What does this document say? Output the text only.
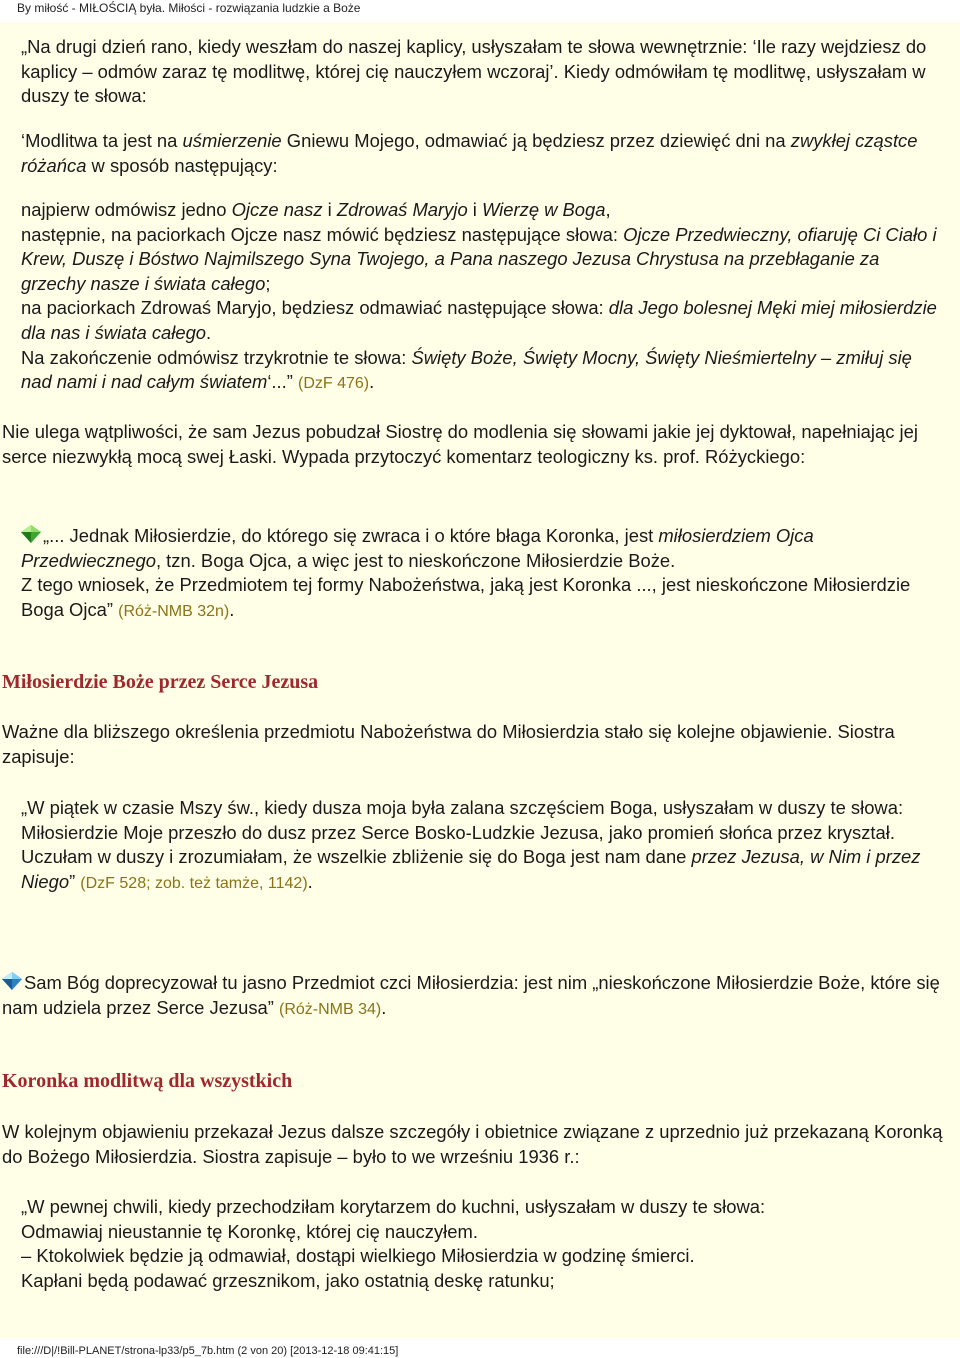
By miłość - MIŁOŚCIĄ była. Miłości - rozwiązania ludzkie a Boże

„Na drugi dzień rano, kiedy weszłam do naszej kaplicy, usłyszałam te słowa wewnętrznie: ‘Ile razy wejdziesz do kaplicy – odmów zaraz tę modlitwę, której cię nauczyłem wczoraj’. Kiedy odmówiłam tę modlitwę, usłyszałam w duszy te słowa:

‘Modlitwa ta jest na uśmierzenie Gniewu Mojego, odmawiać ją będziesz przez dziewięć dni na zwykłej cząstce różańca w sposób następujący:

najpierw odmówisz jedno Ojcze nasz i Zdrowaś Maryjo i Wierzę w Boga,
następnie, na paciorkach Ojcze nasz mówić będziesz następujące słowa: Ojcze Przedwieczny, ofiaruję Ci Ciało i Krew, Duszę i Bóstwo Najmilszego Syna Twojego, a Pana naszego Jezusa Chrystusa na przebłaganie za grzechy nasze i świata całego;
na paciorkach Zdrowaś Maryjo, będziesz odmawiać następujące słowa: dla Jego bolesnej Męki miej miłosierdzie dla nas i świata całego.
Na zakończenie odmówisz trzykrotnie te słowa: Święty Boże, Święty Mocny, Święty Nieśmiertelny – zmiłuj się nad nami i nad całym światem‘...” (DzF 476).

Nie ulega wątpliwości, że sam Jezus pobudzał Siostrę do modlenia się słowami jakie jej dyktował, napełniając jej serce niezwykłą mocą swej Łaski. Wypada przytoczyć komentarz teologiczny ks. prof. Różyckiego:

„... Jednak Miłosierdzie, do którego się zwraca i o które błaga Koronka, jest miłosierdziem Ojca Przedwiecznego, tzn. Boga Ojca, a więc jest to nieskończone Miłosierdzie Boże.
Z tego wniosek, że Przedmiotem tej formy Nabożeństwa, jaką jest Koronka ..., jest nieskończone Miłosierdzie Boga Ojca” (Róż-NMB 32n).

Miłosierdzie Boże przez Serce Jezusa

Ważne dla bliższego określenia przedmiotu Nabożeństwa do Miłosierdzia stało się kolejne objawienie. Siostra zapisuje:

„W piątek w czasie Mszy św., kiedy dusza moja była zalana szczęściem Boga, usłyszałam w duszy te słowa:
Miłosierdzie Moje przeszło do dusz przez Serce Bosko-Ludzkie Jezusa, jako promień słońca przez kryształ.
Uczułam w duszy i zrozumiałam, że wszelkie zbliżenie się do Boga jest nam dane przez Jezusa, w Nim i przez Niego” (DzF 528; zob. też tamże, 1142).

Sam Bóg doprecyzował tu jasno Przedmiot czci Miłosierdzia: jest nim „nieskończone Miłosierdzie Boże, które się nam udziela przez Serce Jezusa” (Róż-NMB 34).

Koronka modlitwą dla wszystkich

W kolejnym objawieniu przekazał Jezus dalsze szczegóły i obietnice związane z uprzednio już przekazaną Koronką do Bożego Miłosierdzia. Siostra zapisuje – było to we wrześniu 1936 r.:

„W pewnej chwili, kiedy przechodziłam korytarzem do kuchni, usłyszałam w duszy te słowa:
Odmawiaj nieustannie tę Koronkę, której cię nauczyłem.
– Ktokolwiek będzie ją odmawiał, dostąpi wielkiego Miłosierdzia w godzinę śmierci.
Kapłani będą podawać grzesznikom, jako ostatnią deskę ratunku;

file:///D|/!Bill-PLANET/strona-lp33/p5_7b.htm (2 von 20) [2013-12-18 09:41:15]
